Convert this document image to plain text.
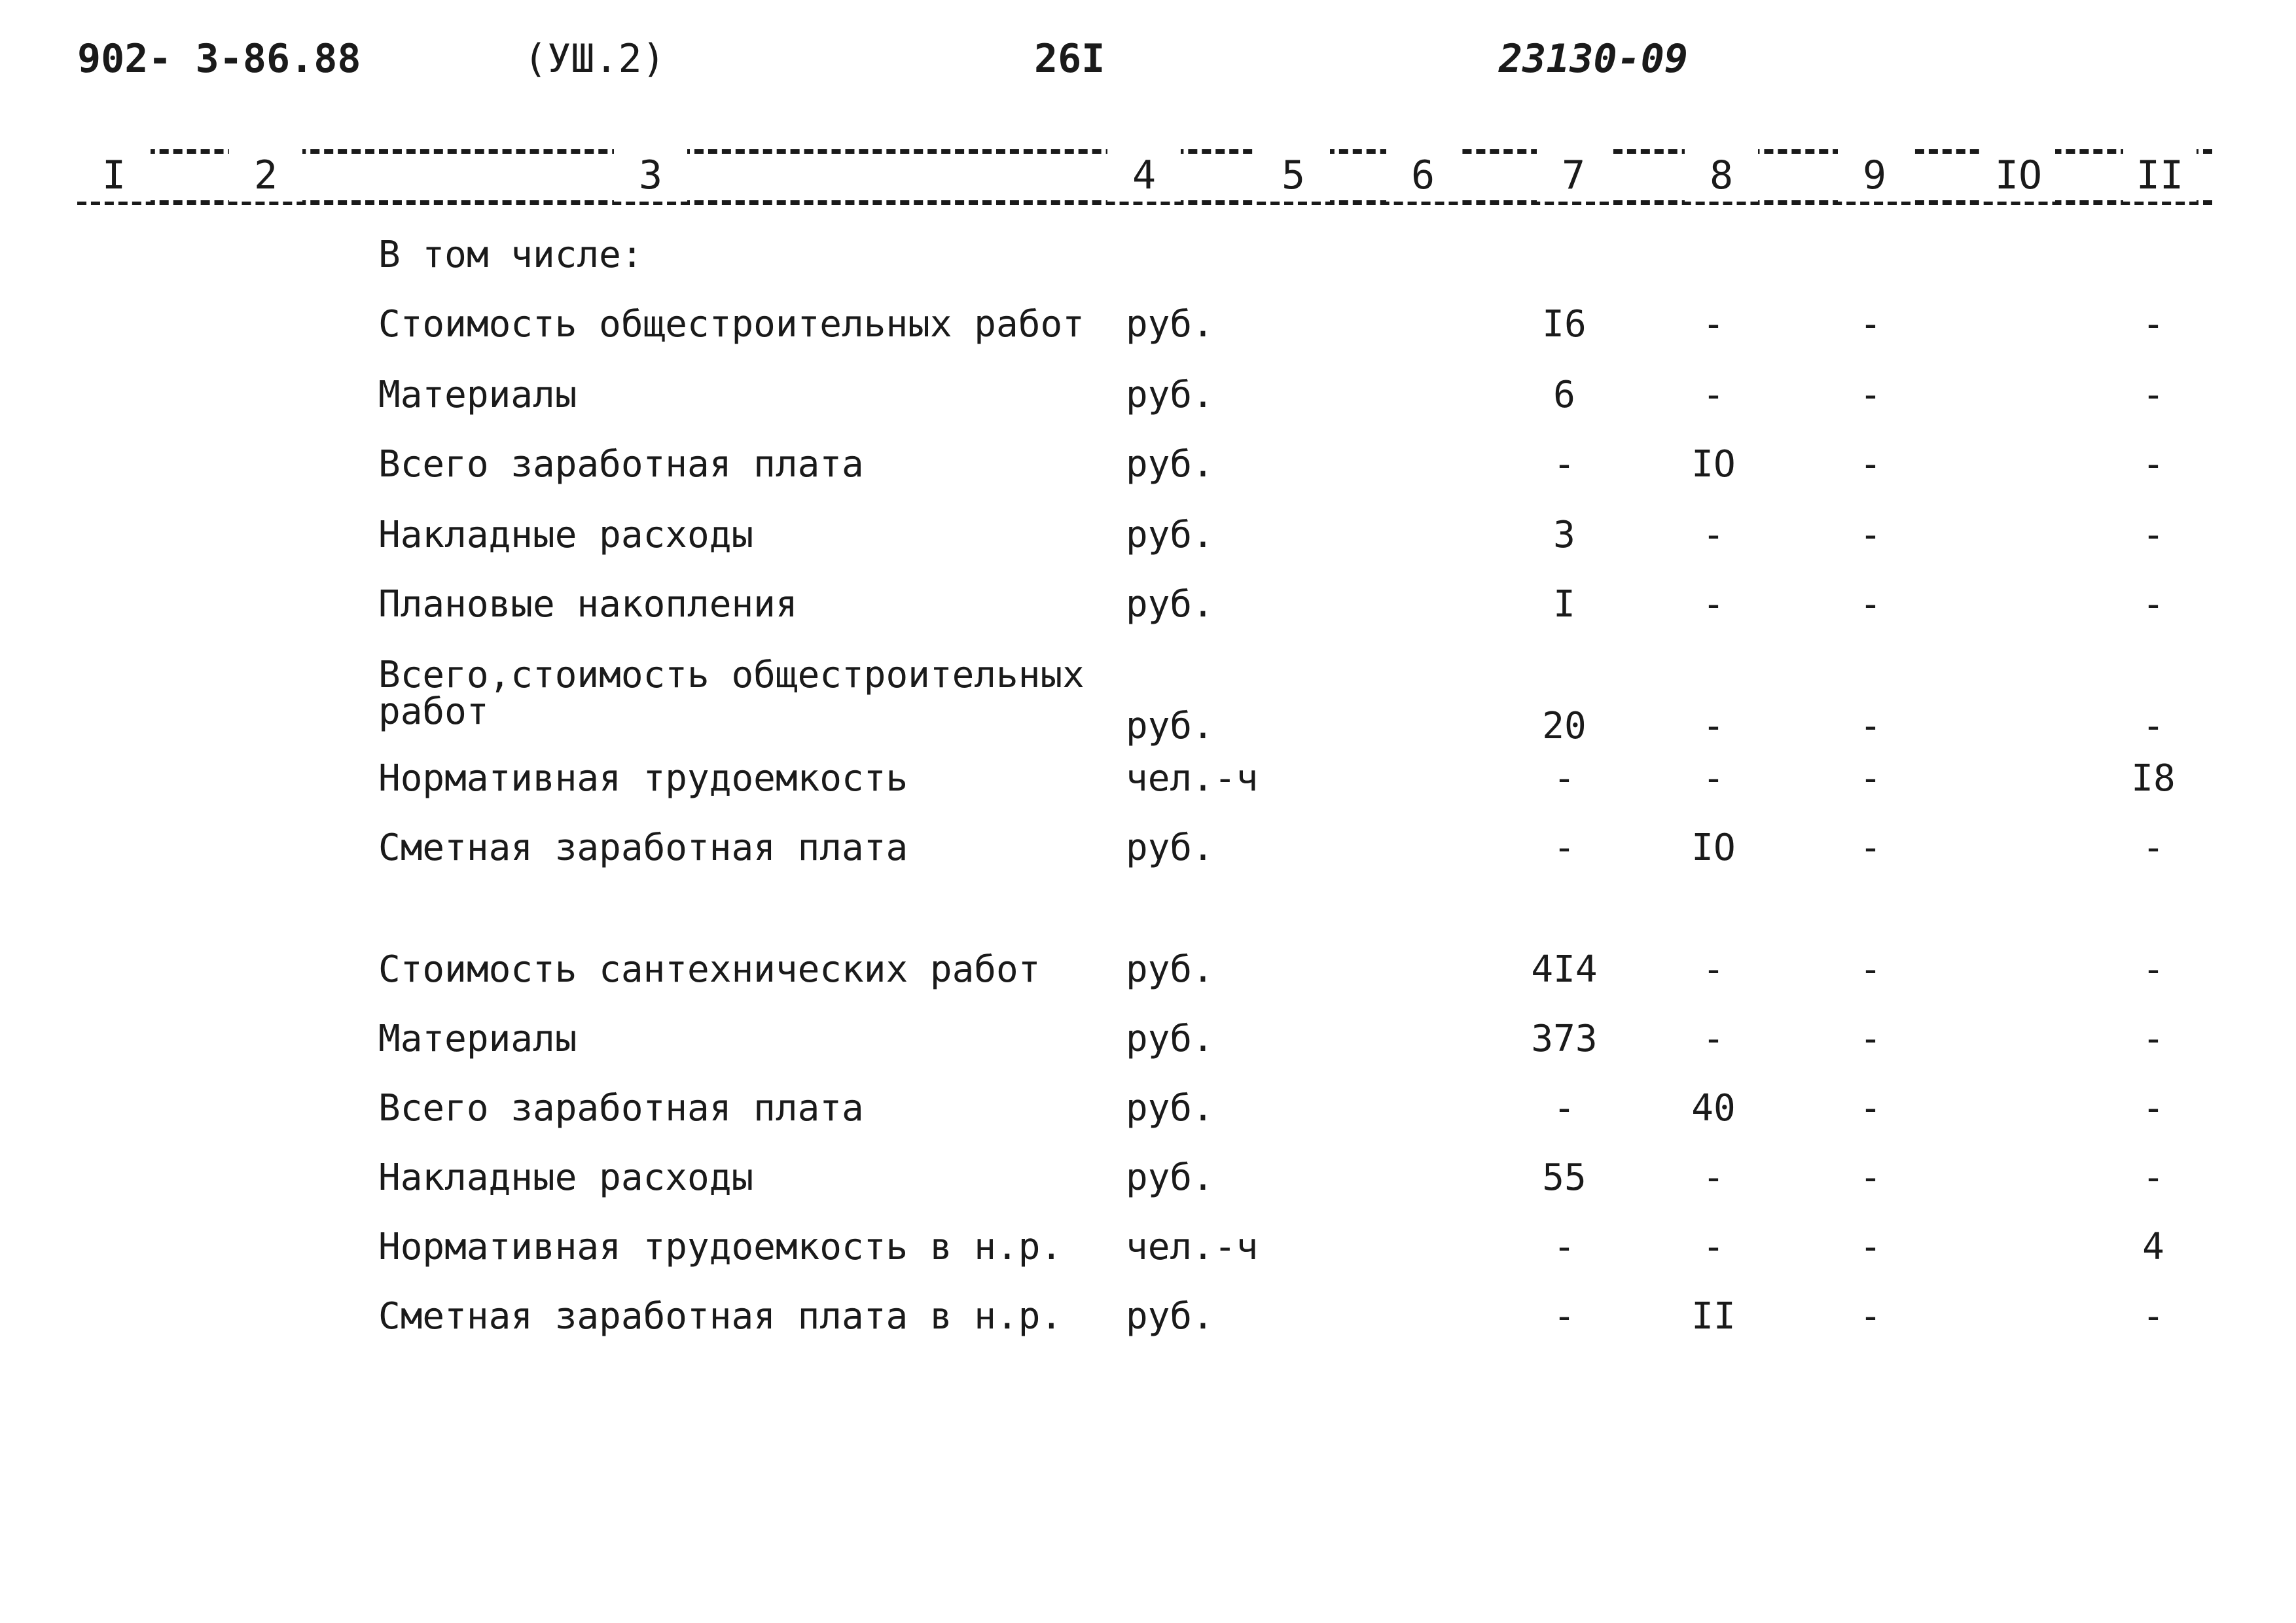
902- 3-86.88	(УШ.2)	26I	23130-09
I	2	3	4	5	6	7	8	9	IO	II
В том числе:
Стоимость общестроительных работ руб.	I6	-	-	-
Материалы	руб.	6	-	-	-
Всего заработная плата	руб.	-	IO	-	-
Накладные расходы	руб.	3	-	-	-
Плановые накопления	руб.	I	-	-	-
Всего,стоимость общестроительных
работ	руб.	20	-	-	-
Нормативная трудоемкость	чел.-ч	-	-	-	I8
Сметная заработная плата	руб.	-	IO	-	-
Стоимость сантехнических работ руб.	4I4	-	-	-
Материалы	руб.	373	-	-	-
Всего заработная плата	руб.	-	40	-	-
Накладные расходы	руб.	55	-	-	-
Нормативная трудоемкость в н.р. чел.-ч	-	-	-	4
Сметная заработная плата в н.р. руб.	-	II	-	-
